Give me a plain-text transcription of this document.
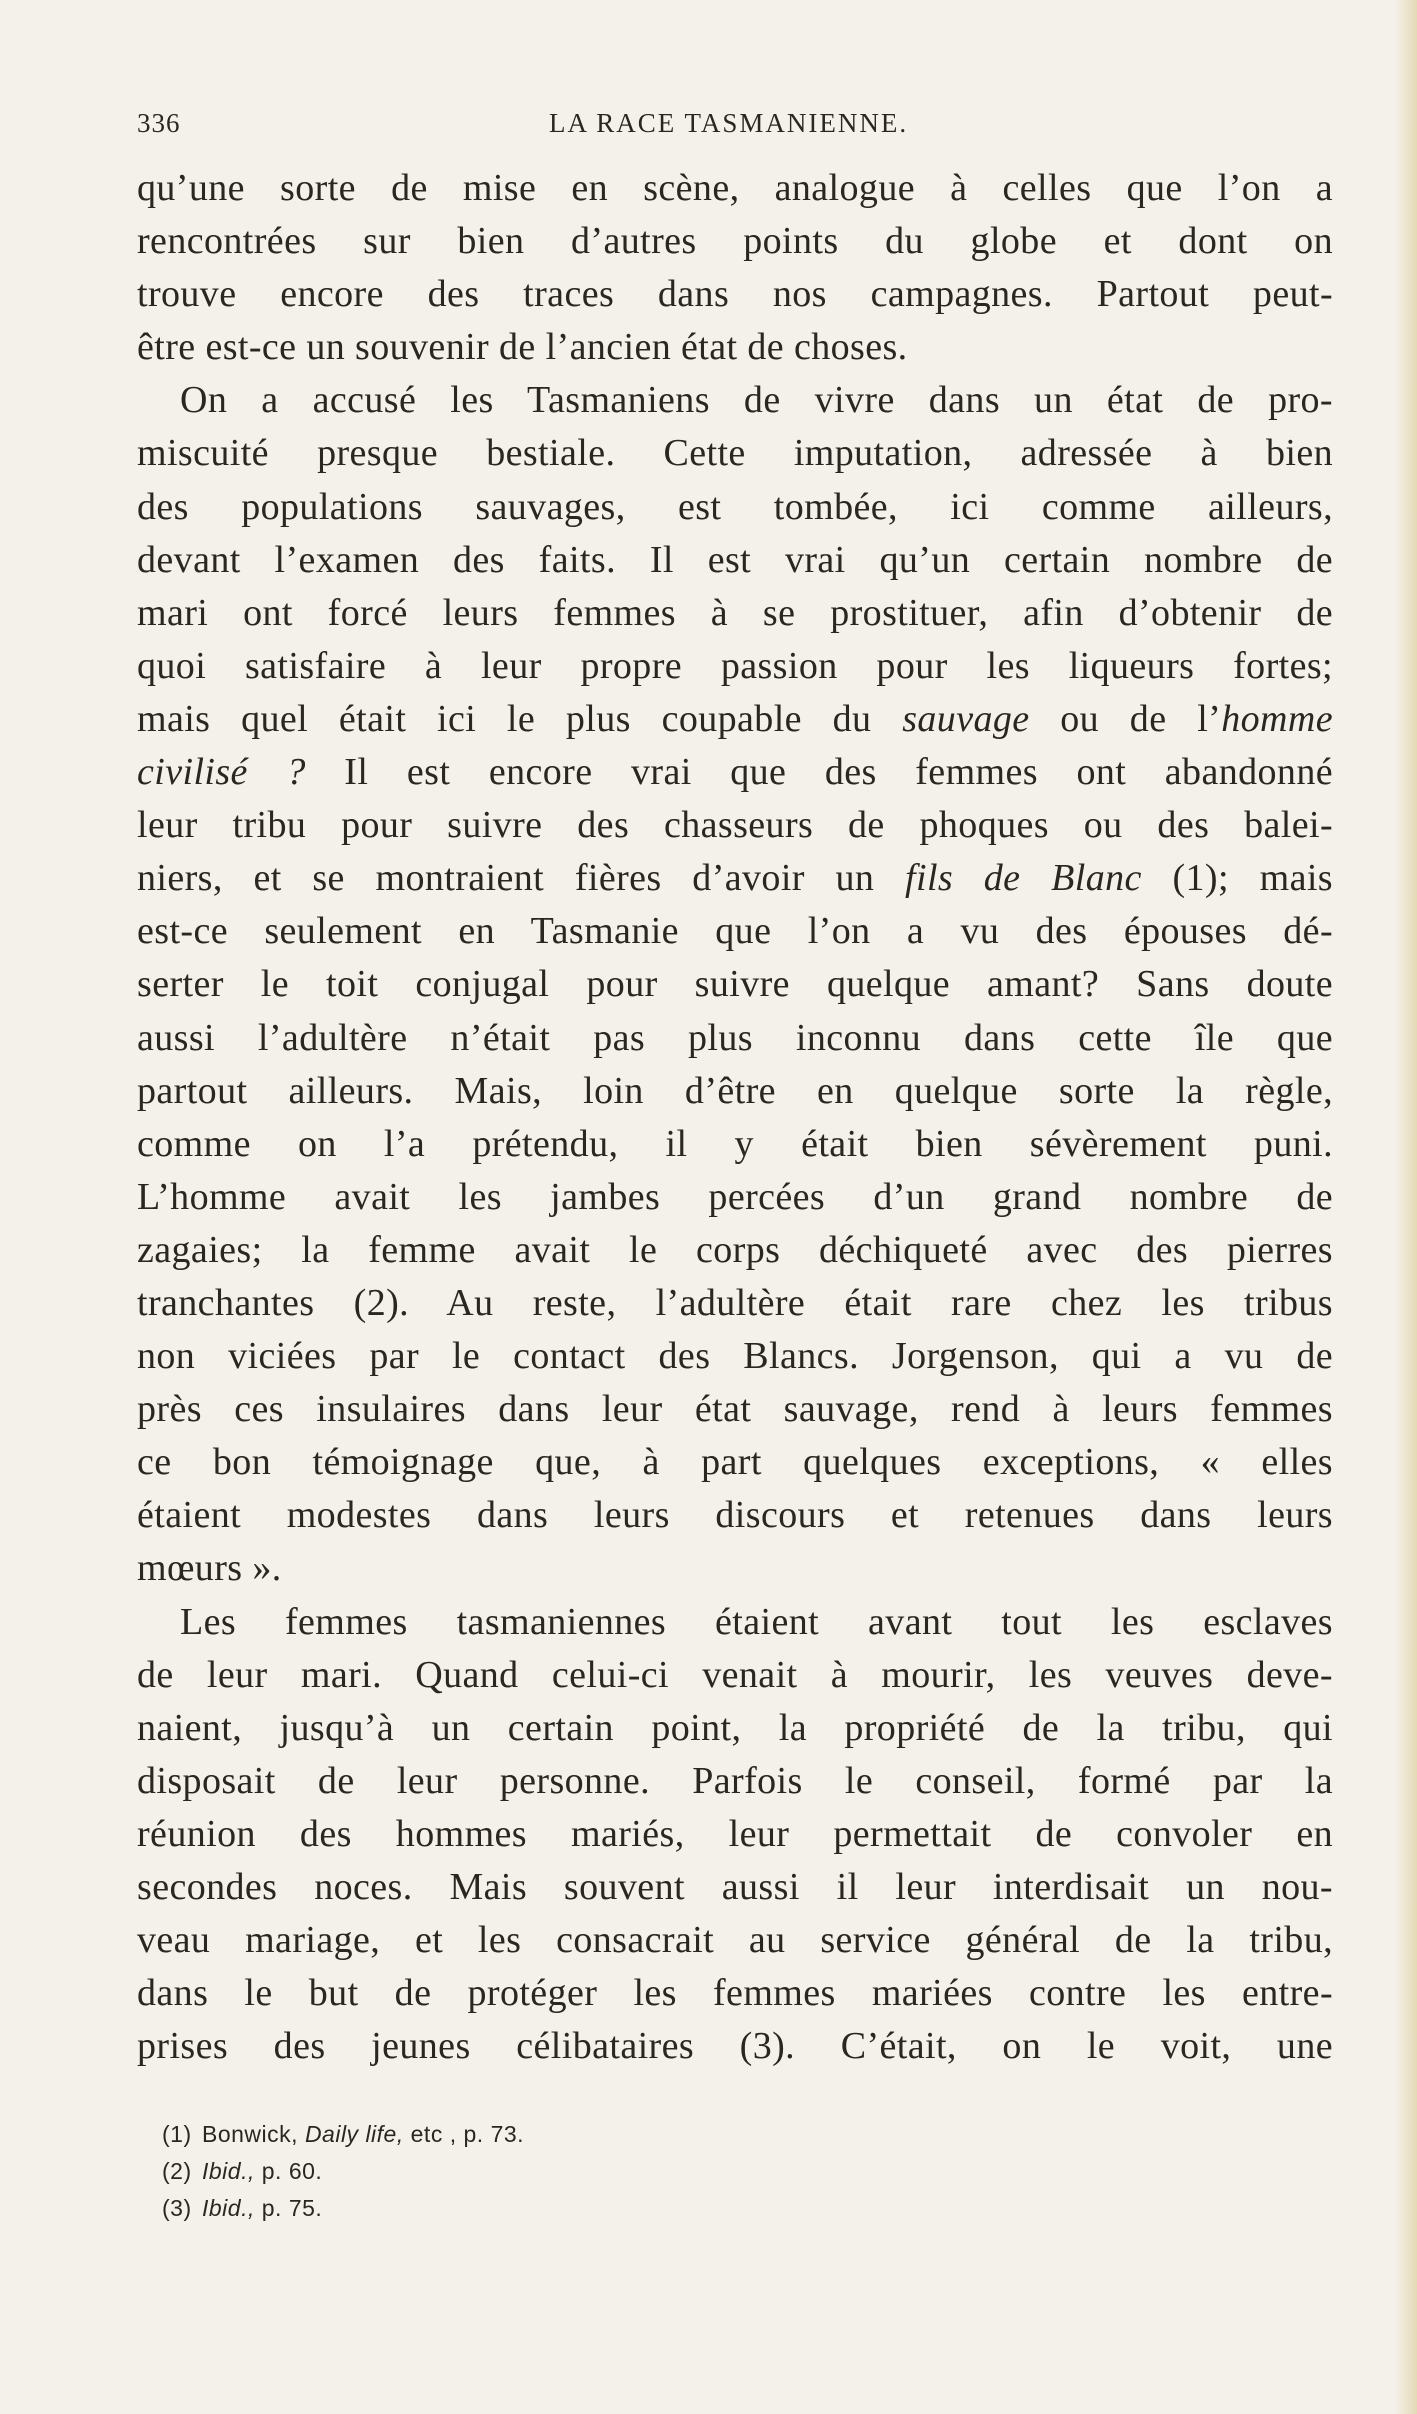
336	LA RACE TASMANIENNE.
qu’une sorte de mise en scène, analogue à celles que l’on a
rencontrées sur bien d’autres points du globe et dont on
trouve encore des traces dans nos campagnes. Partout peut-
être est-ce un souvenir de l’ancien état de choses.
On a accusé les Tasmaniens de vivre dans un état de pro-
miscuité presque bestiale. Cette imputation, adressée à bien
des populations sauvages, est tombée, ici comme ailleurs,
devant l’examen des faits. Il est vrai qu’un certain nombre de
mari ont forcé leurs femmes à se prostituer, afin d’obtenir de
quoi satisfaire à leur propre passion pour les liqueurs fortes;
mais quel était ici le plus coupable du sauvage ou de l’homme
civilisé ? Il est encore vrai que des femmes ont abandonné
leur tribu pour suivre des chasseurs de phoques ou des balei-
niers, et se montraient fières d’avoir un fils de Blanc (1); mais
est-ce seulement en Tasmanie que l’on a vu des épouses dé-
serter le toit conjugal pour suivre quelque amant? Sans doute
aussi l’adultère n’était pas plus inconnu dans cette île que
partout ailleurs. Mais, loin d’être en quelque sorte la règle,
comme on l’a prétendu, il y était bien sévèrement puni.
L’homme avait les jambes percées d’un grand nombre de
zagaies; la femme avait le corps déchiqueté avec des pierres
tranchantes (2). Au reste, l’adultère était rare chez les tribus
non viciées par le contact des Blancs. Jorgenson, qui a vu de
près ces insulaires dans leur état sauvage, rend à leurs femmes
ce bon témoignage que, à part quelques exceptions, « elles
étaient modestes dans leurs discours et retenues dans leurs
mœurs ».
Les femmes tasmaniennes étaient avant tout les esclaves
de leur mari. Quand celui-ci venait à mourir, les veuves deve-
naient, jusqu’à un certain point, la propriété de la tribu, qui
disposait de leur personne. Parfois le conseil, formé par la
réunion des hommes mariés, leur permettait de convoler en
secondes noces. Mais souvent aussi il leur interdisait un nou-
veau mariage, et les consacrait au service général de la tribu,
dans le but de protéger les femmes mariées contre les entre-
prises des jeunes célibataires (3). C’était, on le voit, une
(1) Bonwick, Daily life, etc , p. 73.
(2) Ibid., p. 60.
(3) Ibid., p. 75.
